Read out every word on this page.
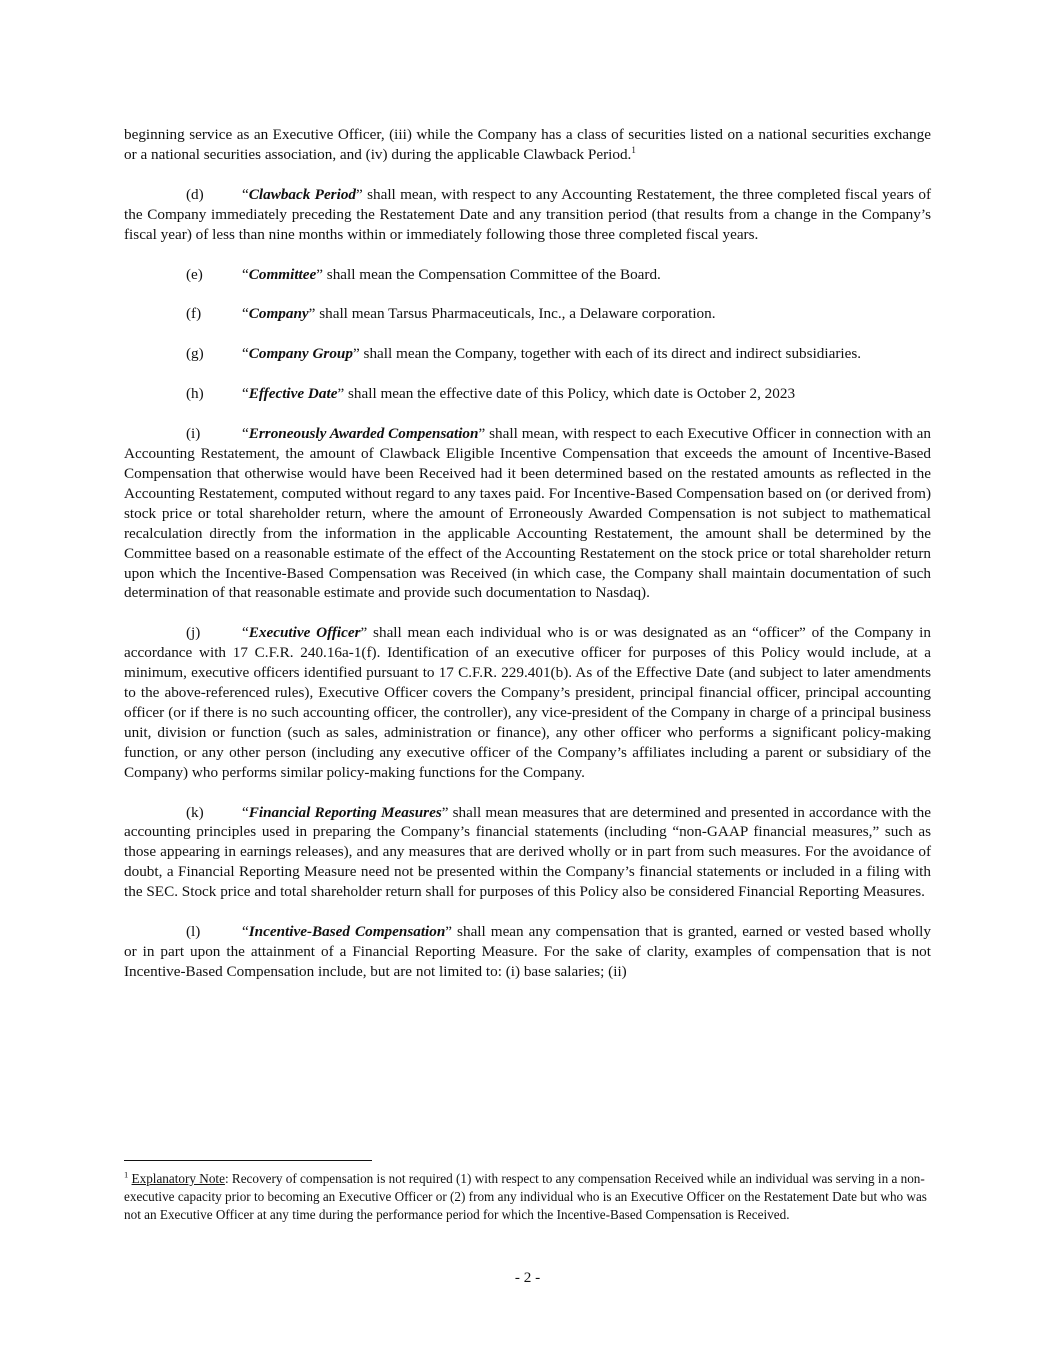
beginning service as an Executive Officer, (iii) while the Company has a class of securities listed on a national securities exchange or a national securities association, and (iv) during the applicable Clawback Period.$^1$

(d)	“Clawback Period” shall mean, with respect to any Accounting Restatement, the three completed fiscal years of the Company immediately preceding the Restatement Date and any transition period (that results from a change in the Company’s fiscal year) of less than nine months within or immediately following those three completed fiscal years.

(e)	“Committee” shall mean the Compensation Committee of the Board.

(f)	“Company” shall mean Tarsus Pharmaceuticals, Inc., a Delaware corporation.

(g)	“Company Group” shall mean the Company, together with each of its direct and indirect subsidiaries.

(h)	“Effective Date” shall mean the effective date of this Policy, which date is October 2, 2023

(i)	“Erroneously Awarded Compensation” shall mean, with respect to each Executive Officer in connection with an Accounting Restatement, the amount of Clawback Eligible Incentive Compensation that exceeds the amount of Incentive-Based Compensation that otherwise would have been Received had it been determined based on the restated amounts as reflected in the Accounting Restatement, computed without regard to any taxes paid. For Incentive-Based Compensation based on (or derived from) stock price or total shareholder return, where the amount of Erroneously Awarded Compensation is not subject to mathematical recalculation directly from the information in the applicable Accounting Restatement, the amount shall be determined by the Committee based on a reasonable estimate of the effect of the Accounting Restatement on the stock price or total shareholder return upon which the Incentive-Based Compensation was Received (in which case, the Company shall maintain documentation of such determination of that reasonable estimate and provide such documentation to Nasdaq).

(j)	“Executive Officer” shall mean each individual who is or was designated as an “officer” of the Company in accordance with 17 C.F.R. 240.16a-1(f). Identification of an executive officer for purposes of this Policy would include, at a minimum, executive officers identified pursuant to 17 C.F.R. 229.401(b). As of the Effective Date (and subject to later amendments to the above-referenced rules), Executive Officer covers the Company’s president, principal financial officer, principal accounting officer (or if there is no such accounting officer, the controller), any vice-president of the Company in charge of a principal business unit, division or function (such as sales, administration or finance), any other officer who performs a significant policy-making function, or any other person (including any executive officer of the Company’s affiliates including a parent or subsidiary of the Company) who performs similar policy-making functions for the Company.

(k)	“Financial Reporting Measures” shall mean measures that are determined and presented in accordance with the accounting principles used in preparing the Company’s financial statements (including “non-GAAP financial measures,” such as those appearing in earnings releases), and any measures that are derived wholly or in part from such measures. For the avoidance of doubt, a Financial Reporting Measure need not be presented within the Company’s financial statements or included in a filing with the SEC. Stock price and total shareholder return shall for purposes of this Policy also be considered Financial Reporting Measures.

(l)	“Incentive-Based Compensation” shall mean any compensation that is granted, earned or vested based wholly or in part upon the attainment of a Financial Reporting Measure. For the sake of clarity, examples of compensation that is not Incentive-Based Compensation include, but are not limited to: (i) base salaries; (ii)

$^1$ Explanatory Note: Recovery of compensation is not required (1) with respect to any compensation Received while an individual was serving in a non-executive capacity prior to becoming an Executive Officer or (2) from any individual who is an Executive Officer on the Restatement Date but who was not an Executive Officer at any time during the performance period for which the Incentive-Based Compensation is Received.
- 2 -
